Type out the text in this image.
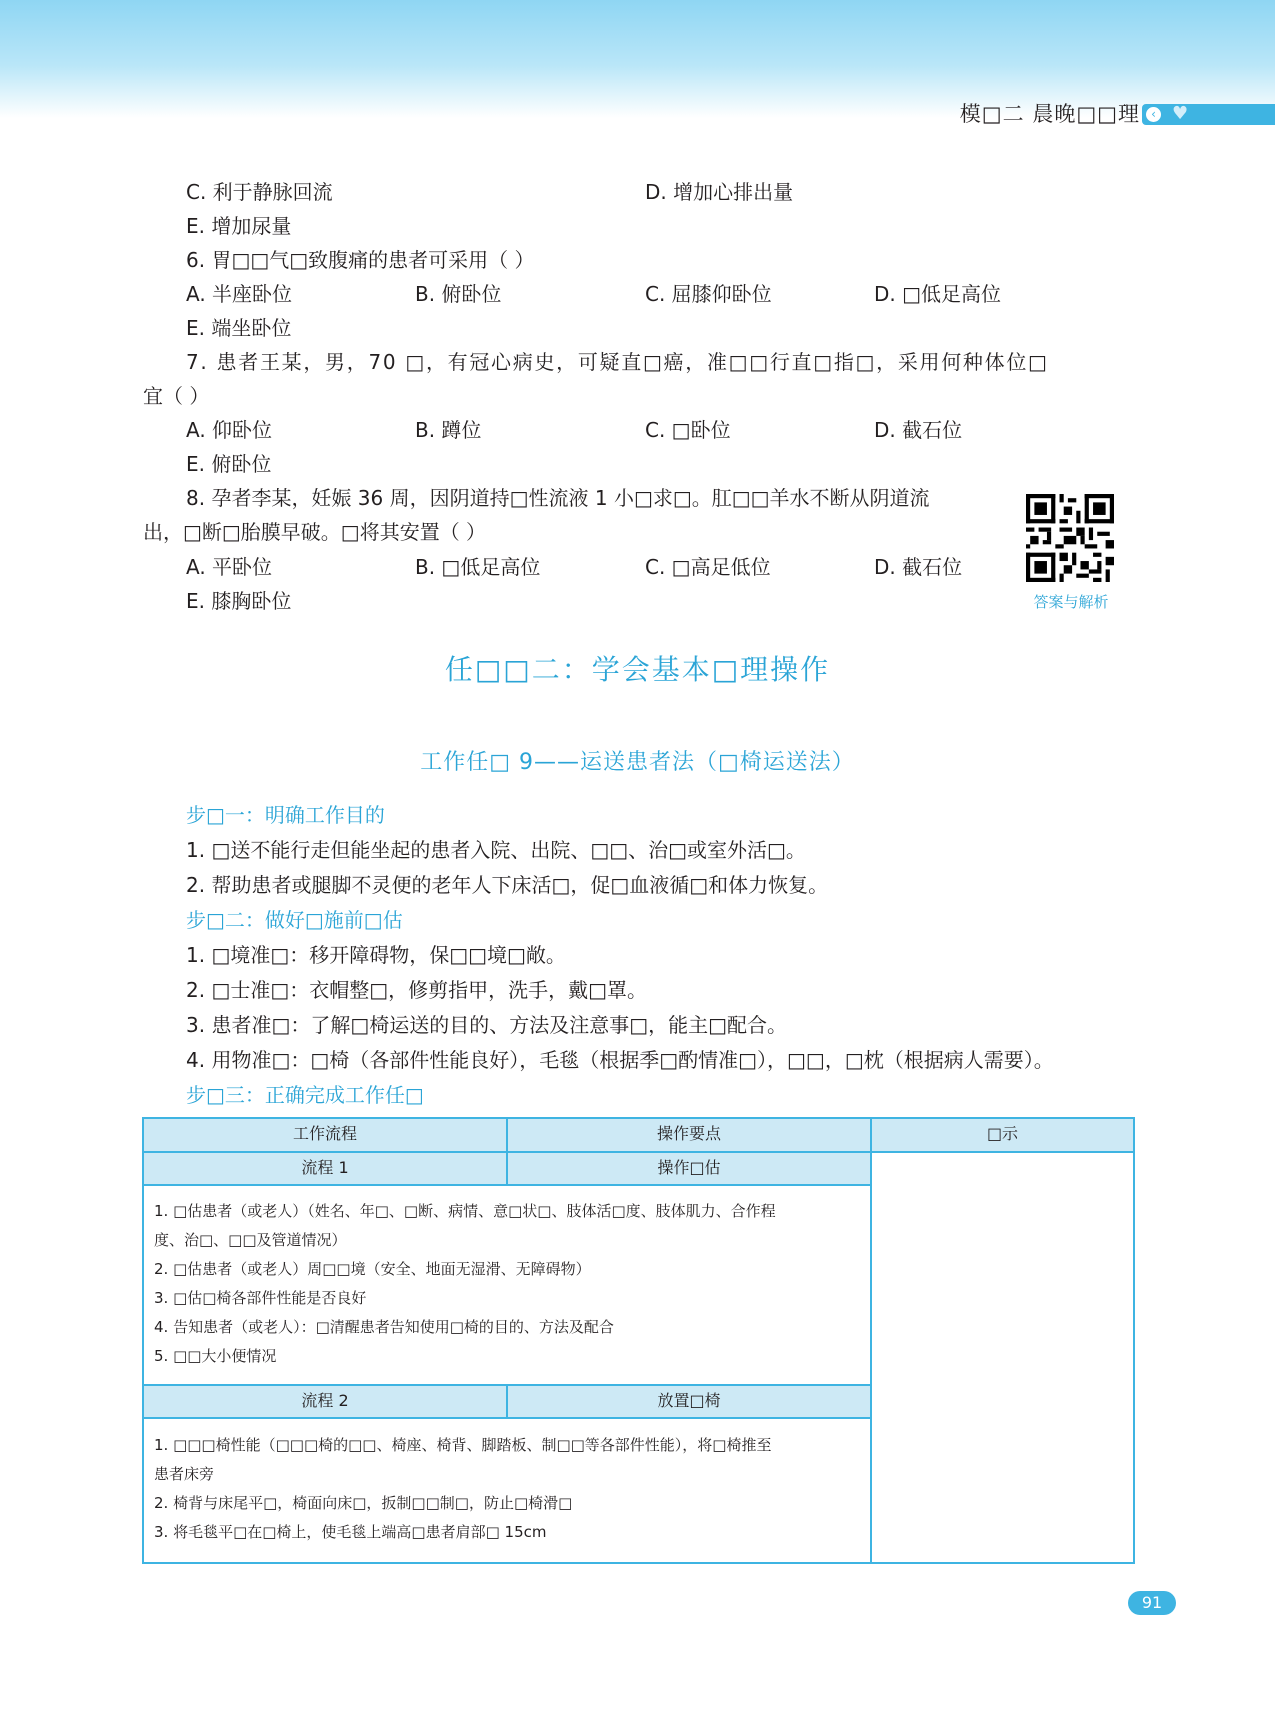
模□二 晨晚□□理 ‹ ♥
C. 利于静脉回流	D. 增加心排出量
E. 增加尿量
6. 胃□□气□致腹痛的患者可采用（ ）
A. 半座卧位	B. 俯卧位	C. 屈膝仰卧位	D. □低足高位
E. 端坐卧位
7. 患者王某，男，70 □，有冠心病史，可疑直□癌，准□□行直□指□，采用何种体位□
宜（ ）
A. 仰卧位	B. 蹲位	C. □卧位	D. 截石位
E. 俯卧位
8. 孕者李某，妊娠 36 周，因阴道持□性流液 1 小□求□。肛□□羊水不断从阴道流
出，□断□胎膜早破。□将其安置（ ）
A. 平卧位	B. □低足高位	C. □高足低位	D. 截石位
E. 膝胸卧位	答案与解析
任□□二：学会基本□理操作
工作任□ 9——运送患者法（□椅运送法）
步□一：明确工作目的
1. □送不能行走但能坐起的患者入院、出院、□□、治□或室外活□。
2. 帮助患者或腿脚不灵便的老年人下床活□，促□血液循□和体力恢复。
步□二：做好□施前□估
1. □境准□：移开障碍物，保□□境□敞。
2. □士准□：衣帽整□，修剪指甲，洗手，戴□罩。
3. 患者准□：了解□椅运送的目的、方法及注意事□，能主□配合。
4. 用物准□：□椅（各部件性能良好），毛毯（根据季□酌情准□），□□，□枕（根据病人需要）。
步□三：正确完成工作任□
工作流程	操作要点	□示
流程 1	操作□估
1. □估患者（或老人）（姓名、年□、□断、病情、意□状□、肢体活□度、肢体肌力、合作程
度、治□、□□及管道情况）
2. □估患者（或老人）周□□境（安全、地面无湿滑、无障碍物）
3. □估□椅各部件性能是否良好
4. 告知患者（或老人）：□清醒患者告知使用□椅的目的、方法及配合
5. □□大小便情况
流程 2	放置□椅
1. □□□椅性能（□□□椅的□□、椅座、椅背、脚踏板、制□□等各部件性能），将□椅推至
患者床旁
2. 椅背与床尾平□，椅面向床□，扳制□□制□，防止□椅滑□
3. 将毛毯平□在□椅上，使毛毯上端高□患者肩部□ 15cm
91
